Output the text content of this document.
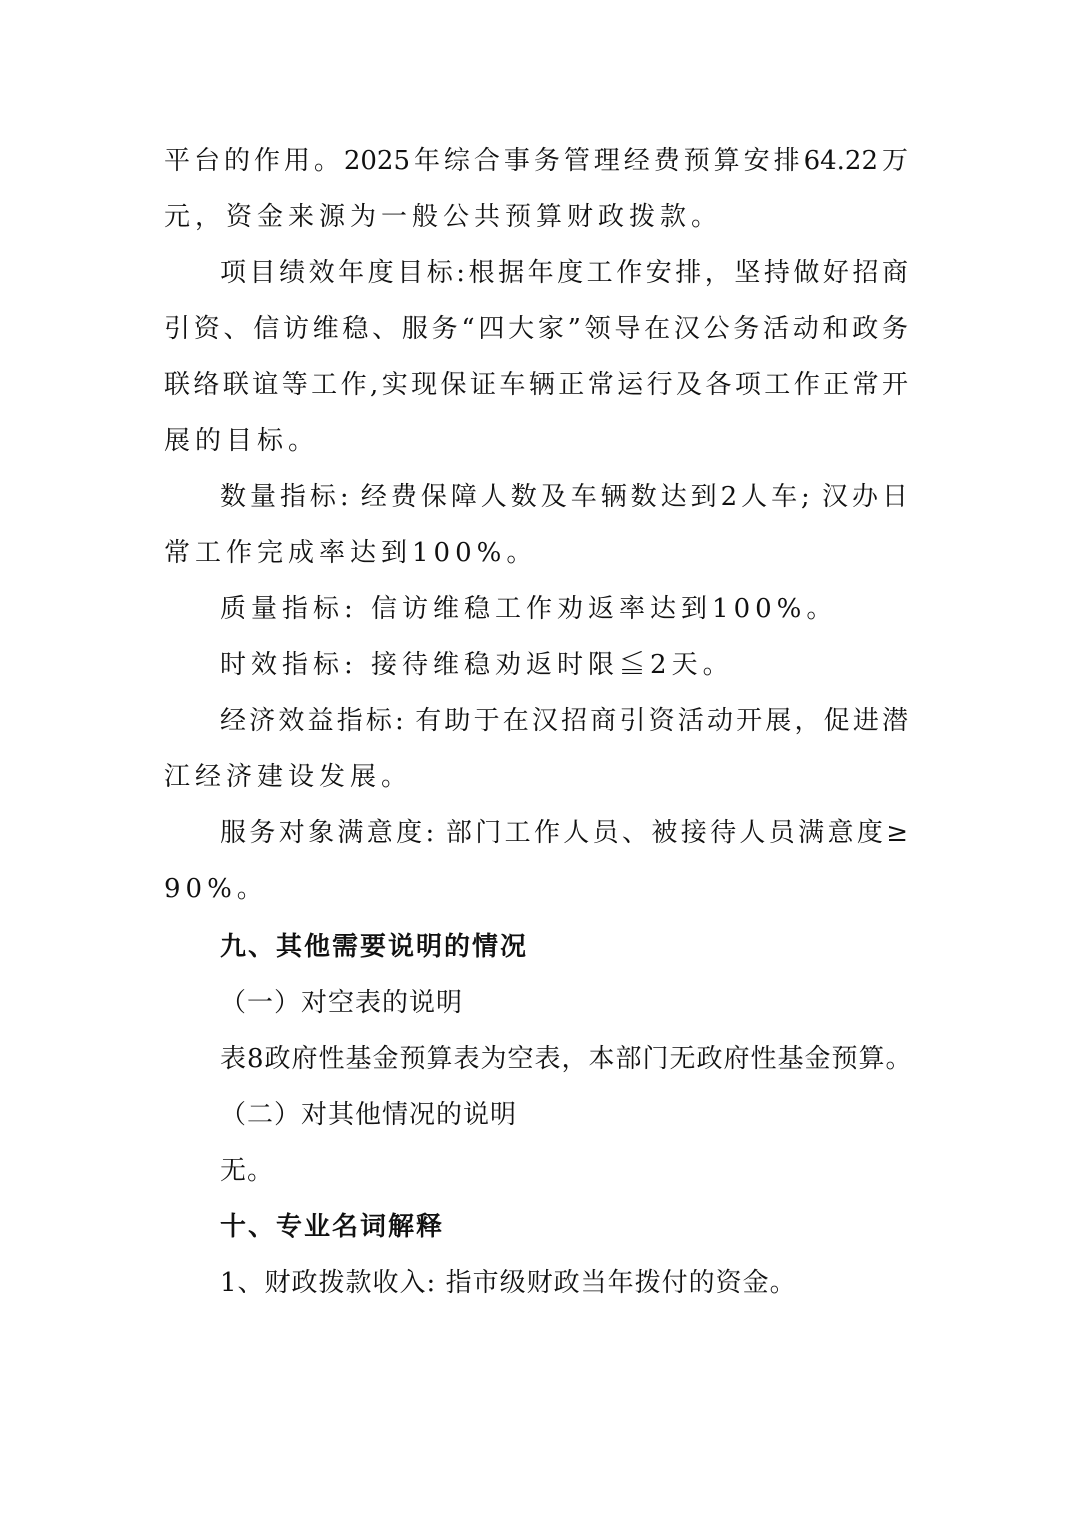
平台的作用。2025年综合事务管理经费预算安排64.22万
元，资金来源为一般公共预算财政拨款。
项目绩效年度目标:根据年度工作安排，坚持做好招商
引资、信访维稳、服务“四大家”领导在汉公务活动和政务
联络联谊等工作,实现保证车辆正常运行及各项工作正常开
展的目标。
数量指标: 经费保障人数及车辆数达到2人车; 汉办日
常工作完成率达到100%。
质量指标: 信访维稳工作劝返率达到100%。
时效指标: 接待维稳劝返时限≦2天。
经济效益指标: 有助于在汉招商引资活动开展，促进潜
江经济建设发展。
服务对象满意度: 部门工作人员、被接待人员满意度≥
90%。
九、其他需要说明的情况
（一）对空表的说明
表8政府性基金预算表为空表，本部门无政府性基金预算。
（二）对其他情况的说明
无。
十、专业名词解释
1、财政拨款收入: 指市级财政当年拨付的资金。
